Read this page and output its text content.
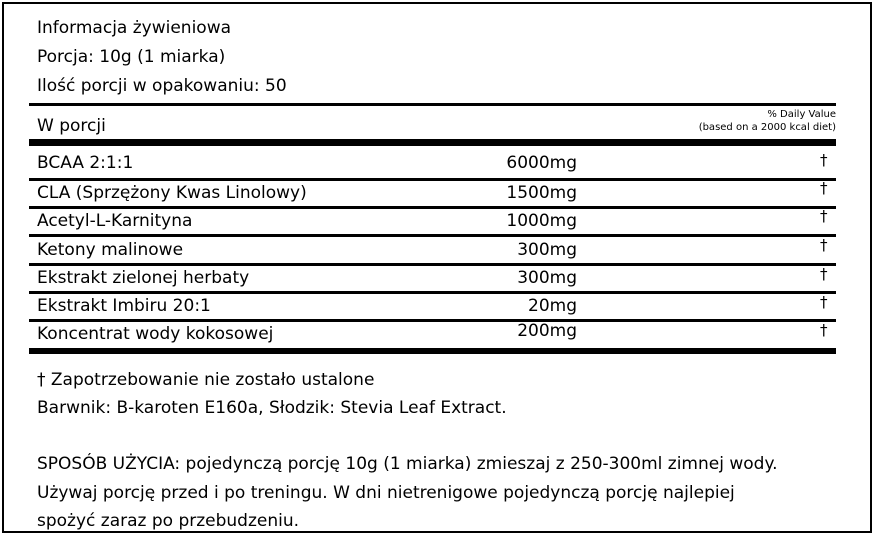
Informacja żywieniowa
Porcja: 10g (1 miarka)
Ilość porcji w opakowaniu: 50
W porcji
% Daily Value
(based on a 2000 kcal diet)
BCAA 2:1:1	6000mg	†
CLA (Sprzężony Kwas Linolowy)	1500mg	†
Acetyl-L-Karnityna	1000mg	†
Ketony malinowe	300mg	†
Ekstrakt zielonej herbaty	300mg	†
Ekstrakt Imbiru 20:1	20mg	†
Koncentrat wody kokosowej	200mg	†
† Zapotrzebowanie nie zostało ustalone
Barwnik: B-karoten E160a, Słodzik: Stevia Leaf Extract.
SPOSÓB UŻYCIA: pojedynczą porcję 10g (1 miarka) zmieszaj z 250-300ml zimnej wody.
Używaj porcję przed i po treningu. W dni nietrenigowe pojedynczą porcję najlepiej
spożyć zaraz po przebudzeniu.
